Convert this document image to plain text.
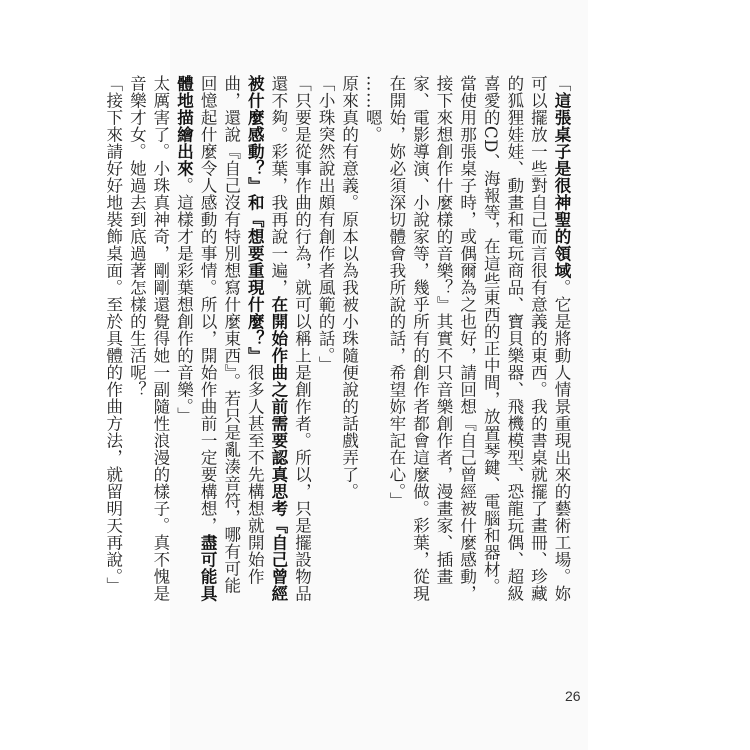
「這張桌子是很神聖的領域。它是將動人情景重現出來的藝術工場。妳可以擺放一些對自己而言很有意義的東西。我的書桌就擺了畫冊、珍藏的狐狸娃娃、動畫和電玩商品、寶貝樂器、飛機模型、恐龍玩偶、超級喜愛的CD、海報等，在這些東西的正中間，放置琴鍵、電腦和器材。當使用那張桌子時，或偶爾為之也好，請回想『自己曾經被什麼感動，接下來想創作什麼樣的音樂？』其實不只音樂創作者，漫畫家、插畫家、電影導演、小說家等，幾乎所有的創作者都會這麼做。彩葉，從現在開始，妳必須深切體會我所說的話，希望妳牢記在心。」

……嗯。

原來真的有意義。原本以為我被小珠隨便說的話戲弄了。

「小珠突然說出頗有創作者風範的話。」

「只要是從事作曲的行為，就可以稱上是創作者。所以，只是擺設物品還不夠。彩葉，我再說一遍，在開始作曲之前需要認真思考『自己曾經被什麼感動？』和『想要重現什麼？』很多人甚至不先構想就開始作曲，還說『自己沒有特別想寫什麼東西』。若只是亂湊音符，哪有可能回憶起什麼令人感動的事情。所以，開始作曲前一定要構想，盡可能具體地描繪出來。這樣才是彩葉想創作的音樂。」

太厲害了。小珠真神奇，剛剛還覺得她一副隨性浪漫的樣子。真不愧是音樂才女。她過去到底過著怎樣的生活呢？

「接下來請好好地裝飾桌面。至於具體的作曲方法，就留明天再說。」

26
